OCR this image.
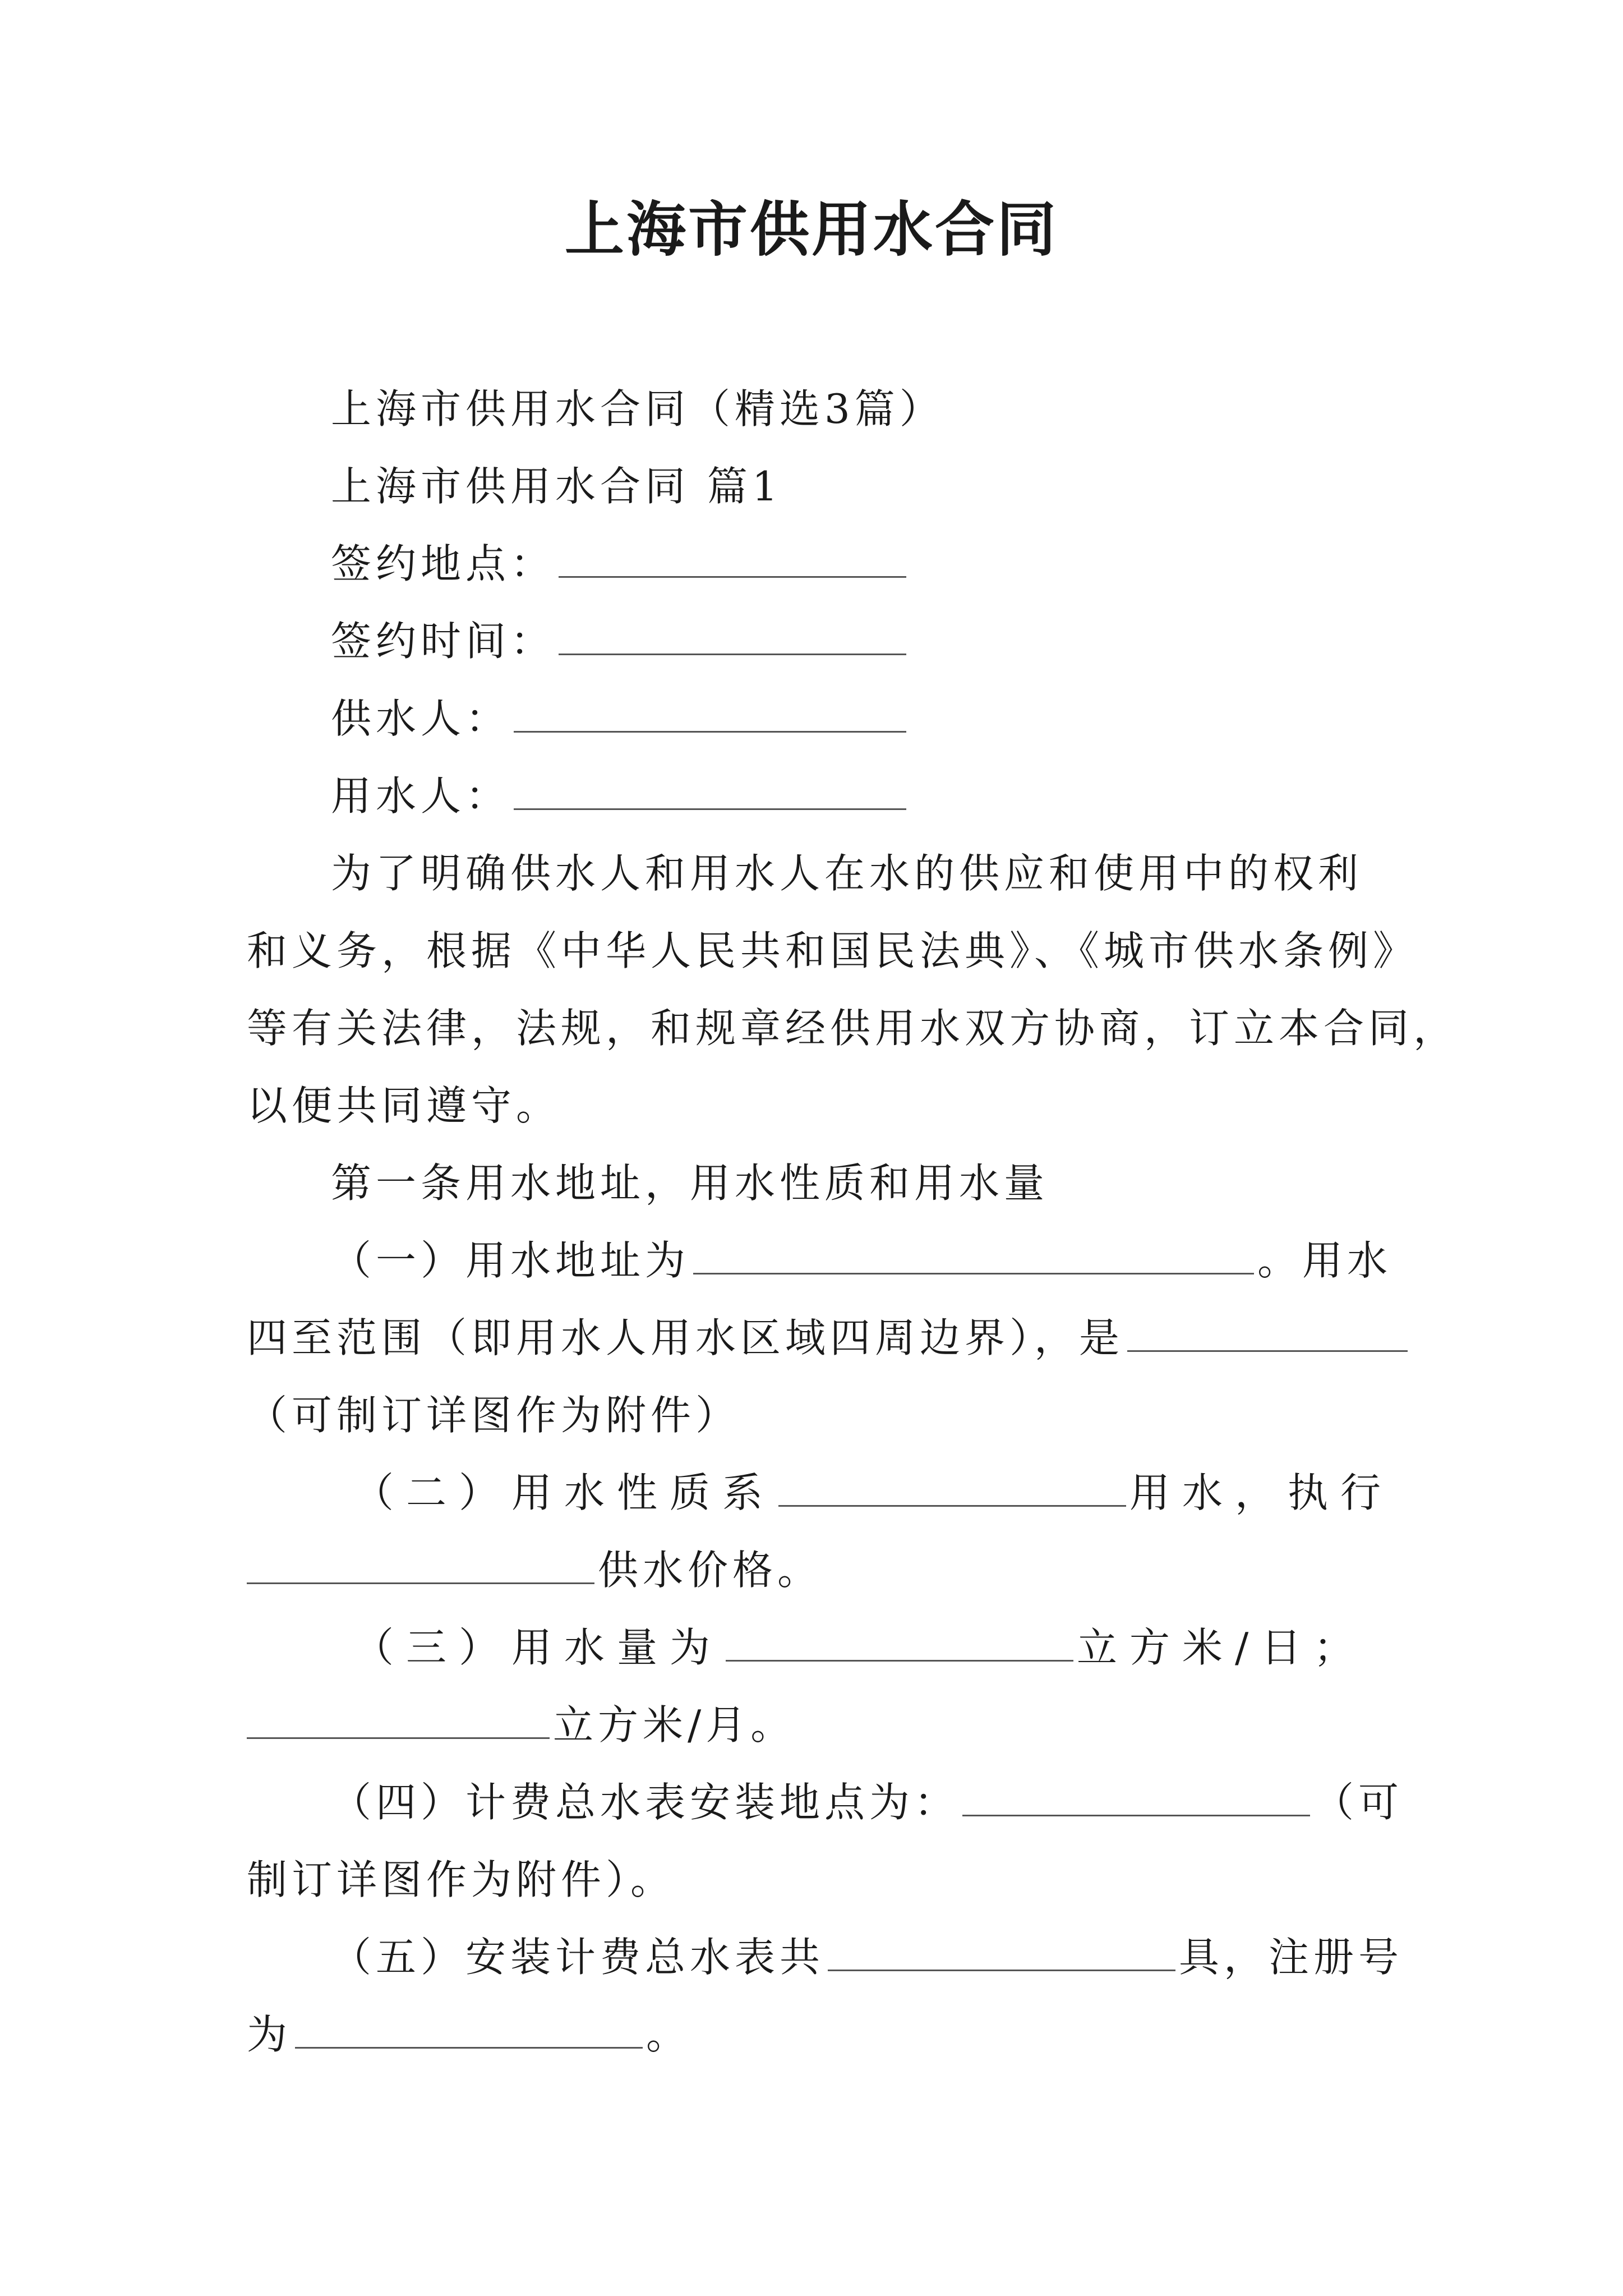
上海市供用水合同
上海市供用水合同（精选3篇）
上海市供用水合同 篇1
签约地点：
签约时间：
供水人：
用水人：
为了明确供水人和用水人在水的供应和使用中的权利
和义务，根据《中华人民共和国民法典》、《城市供水条例》
等有关法律，法规，和规章经供用水双方协商，订立本合同，
以便共同遵守。
第一条用水地址，用水性质和用水量
（一）用水地址为	。用水
四至范围（即用水人用水区域四周边界），是
（可制订详图作为附件）
（二）用水性质系	用水，执行
供水价格。
（三）用水量为	立方米/日；
立方米/月。
（四）计费总水表安装地点为：	（可
制订详图作为附件）。
（五）安装计费总水表共	具，注册号
为	。
